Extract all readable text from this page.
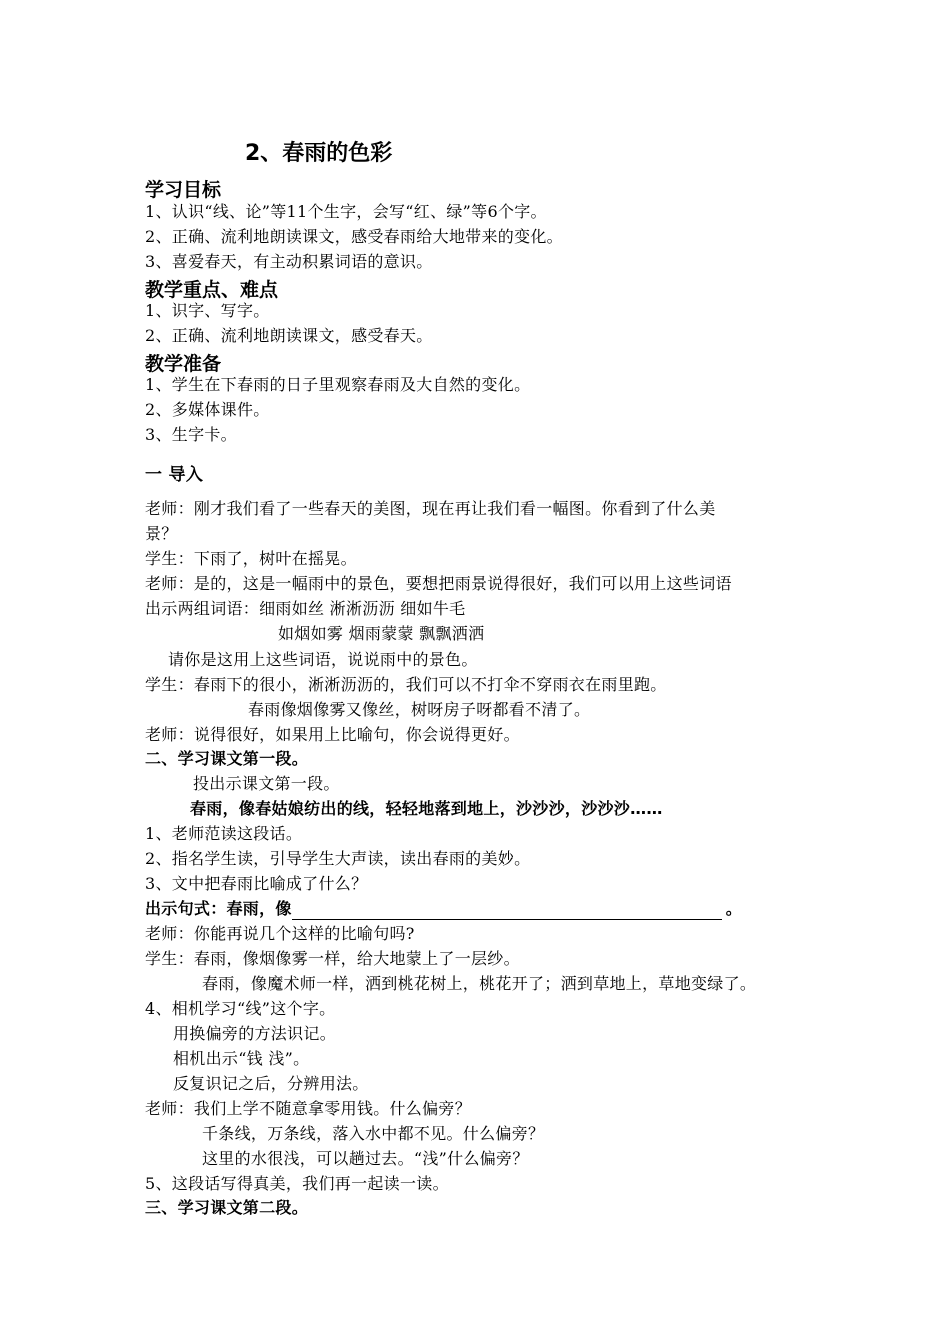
2、春雨的色彩
学习目标
1、认识“线、论”等11个生字，会写“红、绿”等6个字。
2、正确、流利地朗读课文，感受春雨给大地带来的变化。
3、喜爱春天，有主动积累词语的意识。
教学重点、难点
1、识字、写字。
2、正确、流利地朗读课文，感受春天。
教学准备
1、学生在下春雨的日子里观察春雨及大自然的变化。
2、多媒体课件。
3、生字卡。
一 导入
老师：刚才我们看了一些春天的美图，现在再让我们看一幅图。你看到了什么美
景？
学生：下雨了，树叶在摇晃。
老师：是的，这是一幅雨中的景色，要想把雨景说得很好，我们可以用上这些词语
出示两组词语：细雨如丝 淅淅沥沥 细如牛毛
如烟如雾 烟雨蒙蒙 飘飘洒洒
请你是这用上这些词语，说说雨中的景色。
学生：春雨下的很小，淅淅沥沥的，我们可以不打伞不穿雨衣在雨里跑。
春雨像烟像雾又像丝，树呀房子呀都看不清了。
老师：说得很好，如果用上比喻句，你会说得更好。
二、学习课文第一段。
投出示课文第一段。
春雨，像春姑娘纺出的线，轻轻地落到地上，沙沙沙，沙沙沙……
1、老师范读这段话。
2、指名学生读，引导学生大声读，读出春雨的美妙。
3、文中把春雨比喻成了什么？
出示句式：春雨，像	。
老师：你能再说几个这样的比喻句吗?
学生：春雨，像烟像雾一样，给大地蒙上了一层纱。
春雨，像魔术师一样，洒到桃花树上，桃花开了；洒到草地上，草地变绿了。
4、相机学习“线”这个字。
用换偏旁的方法识记。
相机出示“钱 浅”。
反复识记之后，分辨用法。
老师：我们上学不随意拿零用钱。什么偏旁？
千条线，万条线，落入水中都不见。什么偏旁？
这里的水很浅，可以趟过去。“浅”什么偏旁？
5、这段话写得真美，我们再一起读一读。
三、学习课文第二段。
